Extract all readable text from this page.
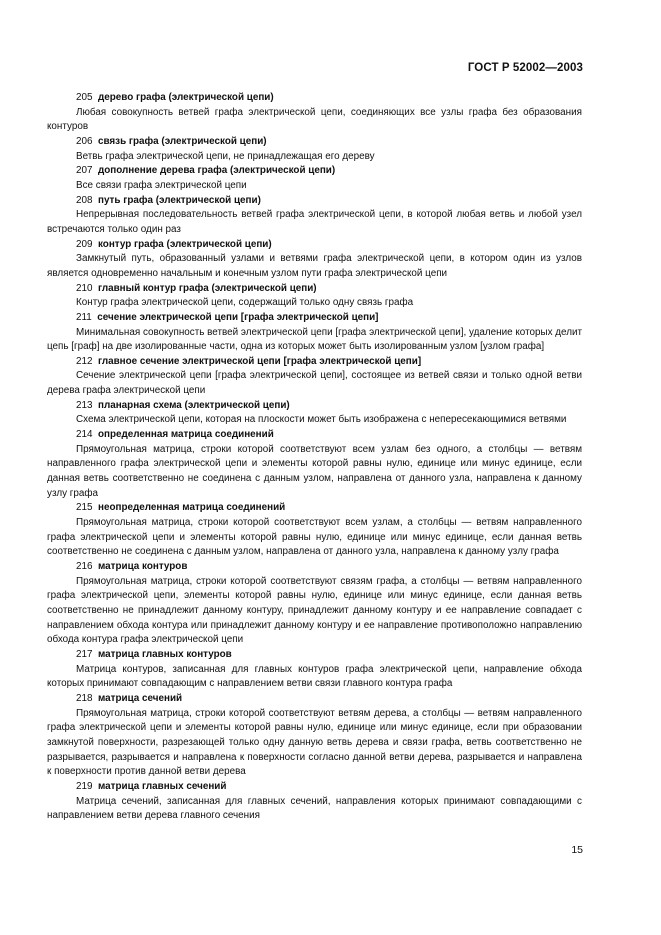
ГОСТ Р 52002—2003

205 дерево графа (электрической цепи)

Любая совокупность ветвей графа электрической цепи, соединяющих все узлы графа без образования контуров

206 связь графа (электрической цепи)

Ветвь графа электрической цепи, не принадлежащая его дереву

207 дополнение дерева графа (электрической цепи)

Все связи графа электрической цепи

208 путь графа (электрической цепи)

Непрерывная последовательность ветвей графа электрической цепи, в которой любая ветвь и любой узел встречаются только один раз

209 контур графа (электрической цепи)

Замкнутый путь, образованный узлами и ветвями графа электрической цепи, в котором один из узлов является одновременно начальным и конечным узлом пути графа электрической цепи

210 главный контур графа (электрической цепи)

Контур графа электрической цепи, содержащий только одну связь графа

211 сечение электрической цепи [графа электрической цепи]

Минимальная совокупность ветвей электрической цепи [графа электрической цепи], удаление которых делит цепь [граф] на две изолированные части, одна из которых может быть изолированным узлом [узлом графа]

212 главное сечение электрической цепи [графа электрической цепи]

Сечение электрической цепи [графа электрической цепи], состоящее из ветвей связи и только одной ветви дерева графа электрической цепи

213 планарная схема (электрической цепи)

Схема электрической цепи, которая на плоскости может быть изображена с непересекающимися ветвями

214 определенная матрица соединений

Прямоугольная матрица, строки которой соответствуют всем узлам без одного, а столбцы — ветвям направленного графа электрической цепи и элементы которой равны нулю, единице или минус единице, если данная ветвь соответственно не соединена с данным узлом, направлена от данного узла, направлена к данному узлу графа

215 неопределенная матрица соединений

Прямоугольная матрица, строки которой соответствуют всем узлам, а столбцы — ветвям направленного графа электрической цепи и элементы которой равны нулю, единице или минус единице, если данная ветвь соответственно не соединена с данным узлом, направлена от данного узла, направлена к данному узлу графа

216 матрица контуров

Прямоугольная матрица, строки которой соответствуют связям графа, а столбцы — ветвям направленного графа электрической цепи, элементы которой равны нулю, единице или минус единице, если данная ветвь соответственно не принадлежит данному контуру, принадлежит данному контуру и ее направление совпадает с направлением обхода контура или принадлежит данному контуру и ее направление противоположно направлению обхода контура графа электрической цепи

217 матрица главных контуров

Матрица контуров, записанная для главных контуров графа электрической цепи, направление обхода которых принимают совпадающим с направлением ветви связи главного контура графа

218 матрица сечений

Прямоугольная матрица, строки которой соответствуют ветвям дерева, а столбцы — ветвям направленного графа электрической цепи и элементы которой равны нулю, единице или минус единице, если при образовании замкнутой поверхности, разрезающей только одну данную ветвь дерева и связи графа, ветвь соответственно не разрывается, разрывается и направлена к поверхности согласно данной ветви дерева, разрывается и направлена к поверхности против данной ветви дерева

219 матрица главных сечений

Матрица сечений, записанная для главных сечений, направления которых принимают совпадающими с направлением ветви дерева главного сечения

15
